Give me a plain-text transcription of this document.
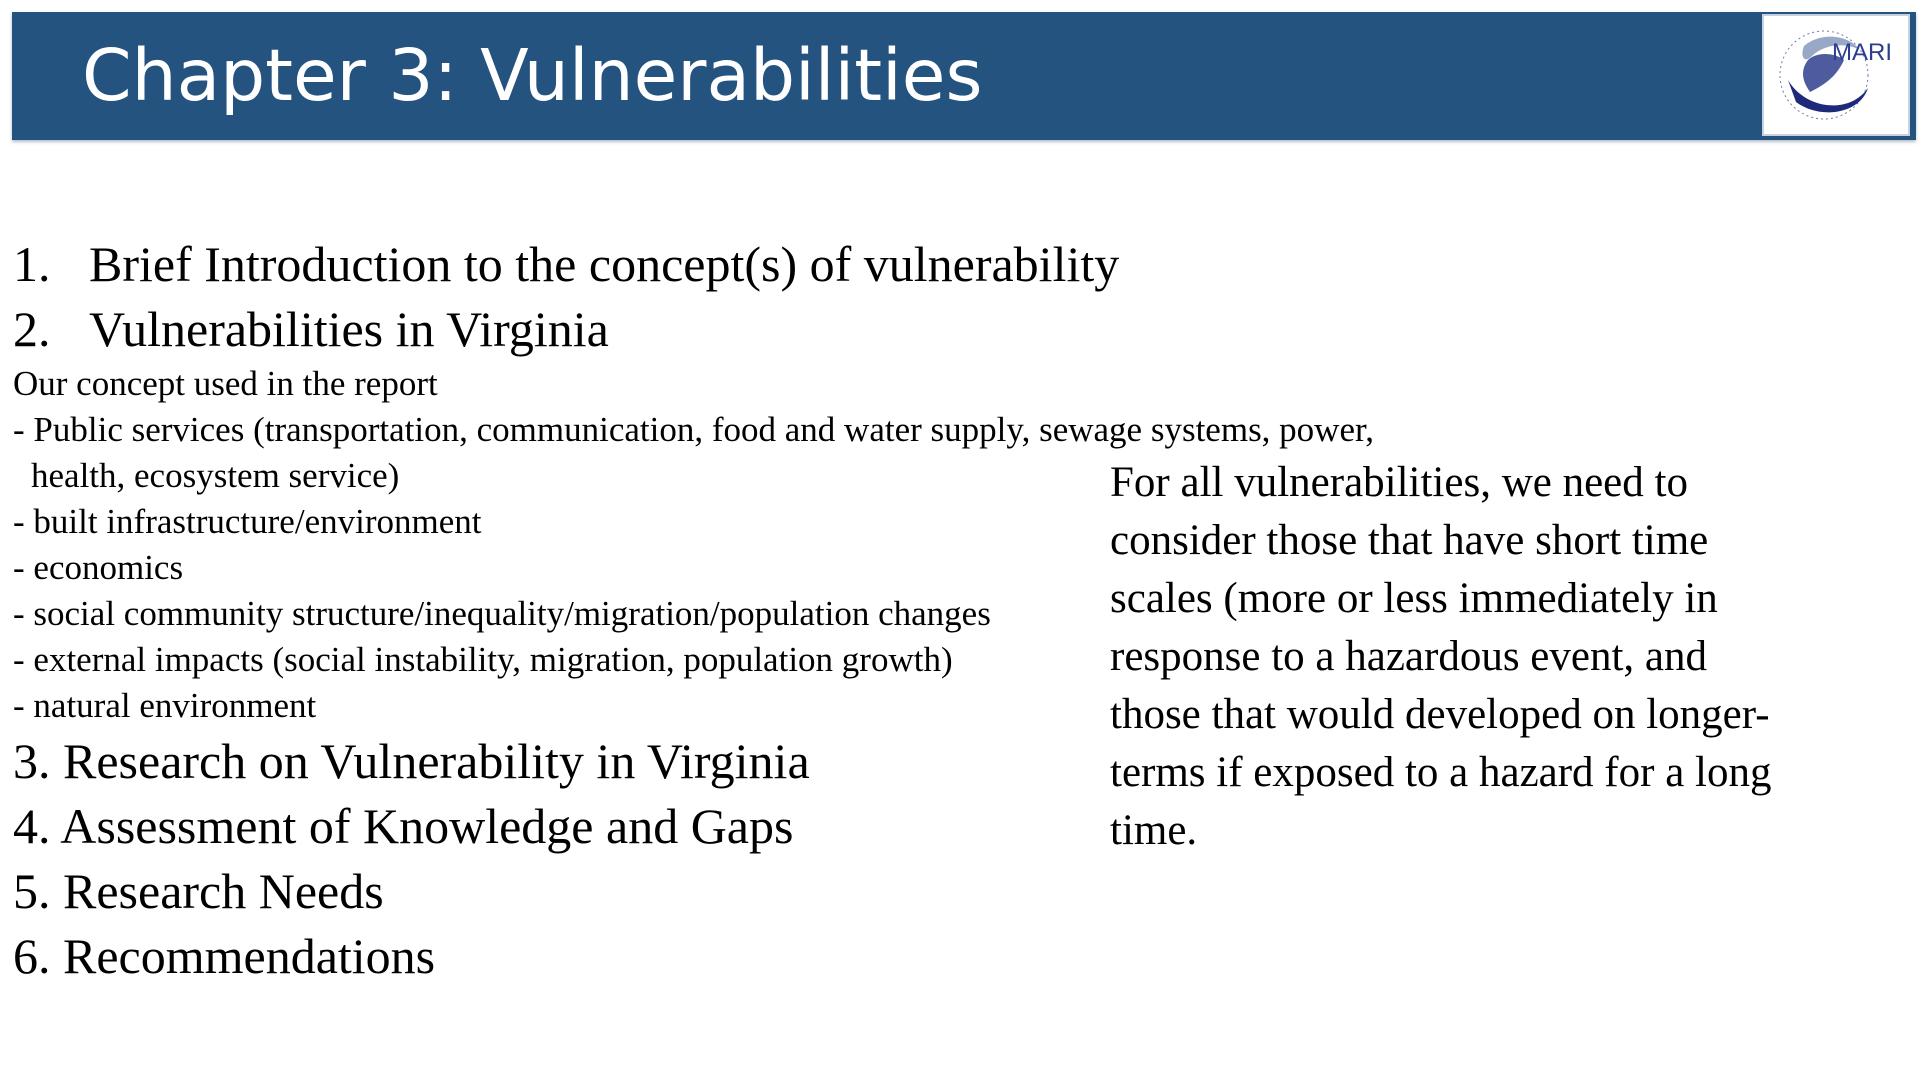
Chapter 3: Vulnerabilities	MARI
1. Brief Introduction to the concept(s) of vulnerability
2. Vulnerabilities in Virginia
Our concept used in the report
- Public services (transportation, communication, food and water supply, sewage systems, power,
health, ecosystem service)
- built infrastructure/environment
- economics
- social community structure/inequality/migration/population changes
- external impacts (social instability, migration, population growth)
- natural environment
3. Research on Vulnerability in Virginia
4. Assessment of Knowledge and Gaps
5. Research Needs
6. Recommendations
For all vulnerabilities, we need to
consider those that have short time
scales (more or less immediately in
response to a hazardous event, and
those that would developed on longer-
terms if exposed to a hazard for a long
time.
